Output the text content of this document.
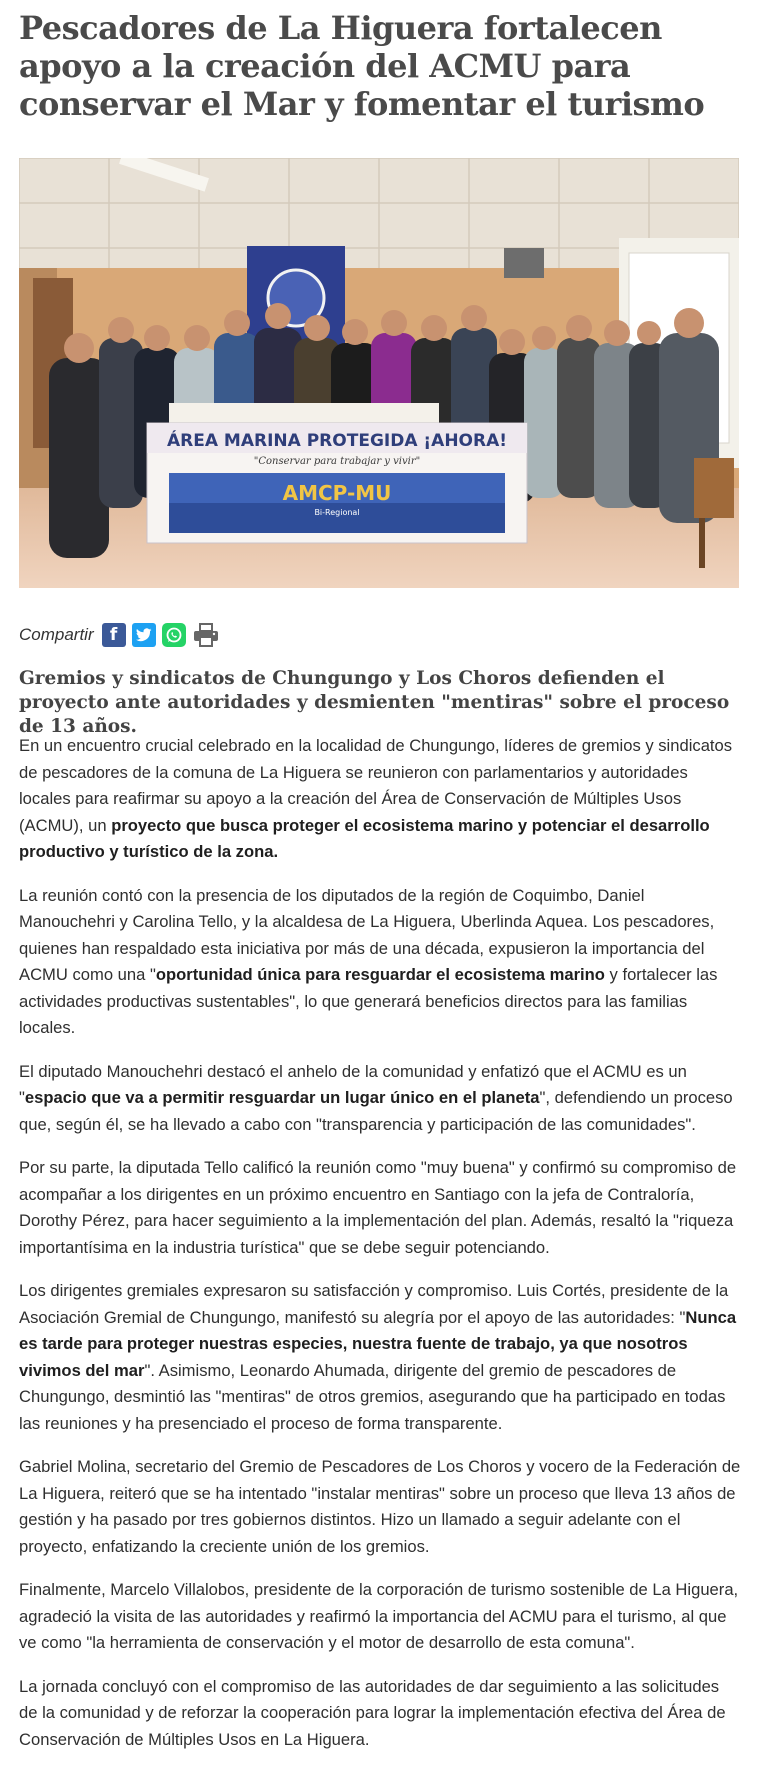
Pescadores de La Higuera fortalecen apoyo a la creación del ACMU para conservar el Mar y fomentar el turismo
ÁREA MARINA PROTEGIDA ¡AHORA!
"Conservar para trabajar y vivir"
AMCP-MU
Bi-Regional
Compartir f
Gremios y sindicatos de Chungungo y Los Choros defienden el proyecto ante autoridades y desmienten "mentiras" sobre el proceso de 13 años.

En un encuentro crucial celebrado en la localidad de Chungungo, líderes de gremios y sindicatos de pescadores de la comuna de La Higuera se reunieron con parlamentarios y autoridades locales para reafirmar su apoyo a la creación del Área de Conservación de Múltiples Usos (ACMU), un proyecto que busca proteger el ecosistema marino y potenciar el desarrollo productivo y turístico de la zona.

La reunión contó con la presencia de los diputados de la región de Coquimbo, Daniel Manouchehri y Carolina Tello, y la alcaldesa de La Higuera, Uberlinda Aquea. Los pescadores, quienes han respaldado esta iniciativa por más de una década, expusieron la importancia del ACMU como una "oportunidad única para resguardar el ecosistema marino y fortalecer las actividades productivas sustentables", lo que generará beneficios directos para las familias locales.

El diputado Manouchehri destacó el anhelo de la comunidad y enfatizó que el ACMU es un "espacio que va a permitir resguardar un lugar único en el planeta", defendiendo un proceso que, según él, se ha llevado a cabo con "transparencia y participación de las comunidades".

Por su parte, la diputada Tello calificó la reunión como "muy buena" y confirmó su compromiso de acompañar a los dirigentes en un próximo encuentro en Santiago con la jefa de Contraloría, Dorothy Pérez, para hacer seguimiento a la implementación del plan. Además, resaltó la "riqueza importantísima en la industria turística" que se debe seguir potenciando.

Los dirigentes gremiales expresaron su satisfacción y compromiso. Luis Cortés, presidente de la Asociación Gremial de Chungungo, manifestó su alegría por el apoyo de las autoridades: "Nunca es tarde para proteger nuestras especies, nuestra fuente de trabajo, ya que nosotros vivimos del mar". Asimismo, Leonardo Ahumada, dirigente del gremio de pescadores de Chungungo, desmintió las "mentiras" de otros gremios, asegurando que ha participado en todas las reuniones y ha presenciado el proceso de forma transparente.

Gabriel Molina, secretario del Gremio de Pescadores de Los Choros y vocero de la Federación de La Higuera, reiteró que se ha intentado "instalar mentiras" sobre un proceso que lleva 13 años de gestión y ha pasado por tres gobiernos distintos. Hizo un llamado a seguir adelante con el proyecto, enfatizando la creciente unión de los gremios.

Finalmente, Marcelo Villalobos, presidente de la corporación de turismo sostenible de La Higuera, agradeció la visita de las autoridades y reafirmó la importancia del ACMU para el turismo, al que ve como "la herramienta de conservación y el motor de desarrollo de esta comuna".

La jornada concluyó con el compromiso de las autoridades de dar seguimiento a las solicitudes de la comunidad y de reforzar la cooperación para lograr la implementación efectiva del Área de Conservación de Múltiples Usos en La Higuera.
